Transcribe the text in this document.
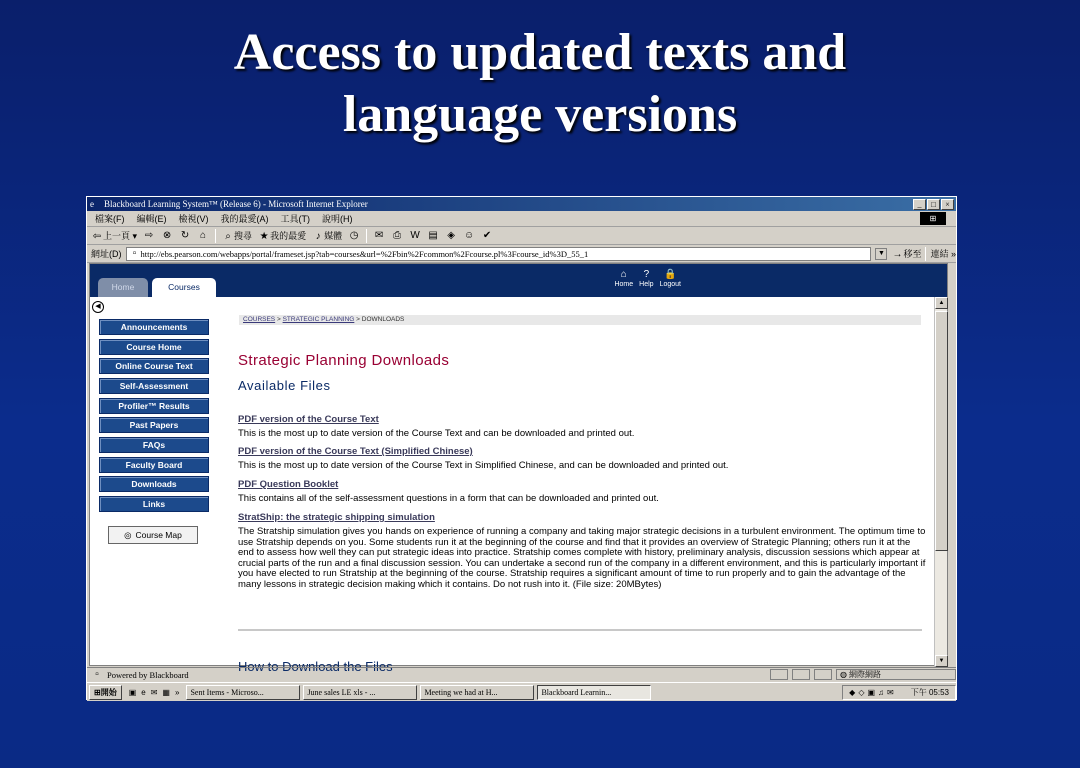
Access to updated texts and
language versions
e	Blackboard Learning System™ (Release 6) - Microsoft Internet Explorer	_	□	×
檔案(F) 編輯(E) 檢視(V) 我的最愛(A) 工具(T) 說明(H)	⊞
⇦ 上一頁 ▾ ⇨ ⊗ ↻ ⌂	⌕ 搜尋 ★ 我的最愛 ♪ 媒體 ◷ ✉ ⎙ W ▤ ◈ ☺ ✔
網址(D)	▫ http://ebs.pearson.com/webapps/portal/frameset.jsp?tab=courses&url=%2Fbin%2Fcommon%2Fcourse.pl%3Fcourse_id%3D_55_1	▼ →移至 連結 »
Home	Courses
⌂
Home
?
Help
🔒
Logout
◀
Announcements
Course Home
Online Course Text
Self-Assessment
Profiler™ Results
Past Papers
FAQs
Faculty Board
Downloads
Links
◎ Course Map
COURSES > STRATEGIC PLANNING > DOWNLOADS
Strategic Planning Downloads
Available Files
PDF version of the Course Text
This is the most up to date version of the Course Text and can be downloaded and printed out.
PDF version of the Course Text (Simplified Chinese)
This is the most up to date version of the Course Text in Simplified Chinese, and can be downloaded and printed out.
PDF Question Booklet
This contains all of the self-assessment questions in a form that can be downloaded and printed out.
StratShip: the strategic shipping simulation
The Stratship simulation gives you hands on experience of running a company and taking major strategic decisions in a turbulent environment. The optimum time to use Stratship depends on you. Some students run it at the beginning of the course and find that it provides an overview of Strategic Planning; others run it at the end to assess how well they can put strategic ideas into practice. Stratship comes complete with history, preliminary analysis, discussion sessions which appear at crucial parts of the run and a final discussion session. You can undertake a second run of the company in a different environment, and this is particularly important if you have elected to run Stratship at the beginning of the course. Stratship requires a significant amount of time to run properly and to gain the advantage of the many lessons in strategic decision making which it contains. Do not rush into it. (File size: 20MBytes)
How to Download the Files
▲
▼
▫ Powered by Blackboard	◍ 網際網路
⊞開始	▣ e ✉ ▦ »	Sent Items - Microso...	June sales LE xls - ...	Meeting we had at H...	Blackboard Learnin...	◆ ◇ ▣ ♫ ✉ 下午 05:53
